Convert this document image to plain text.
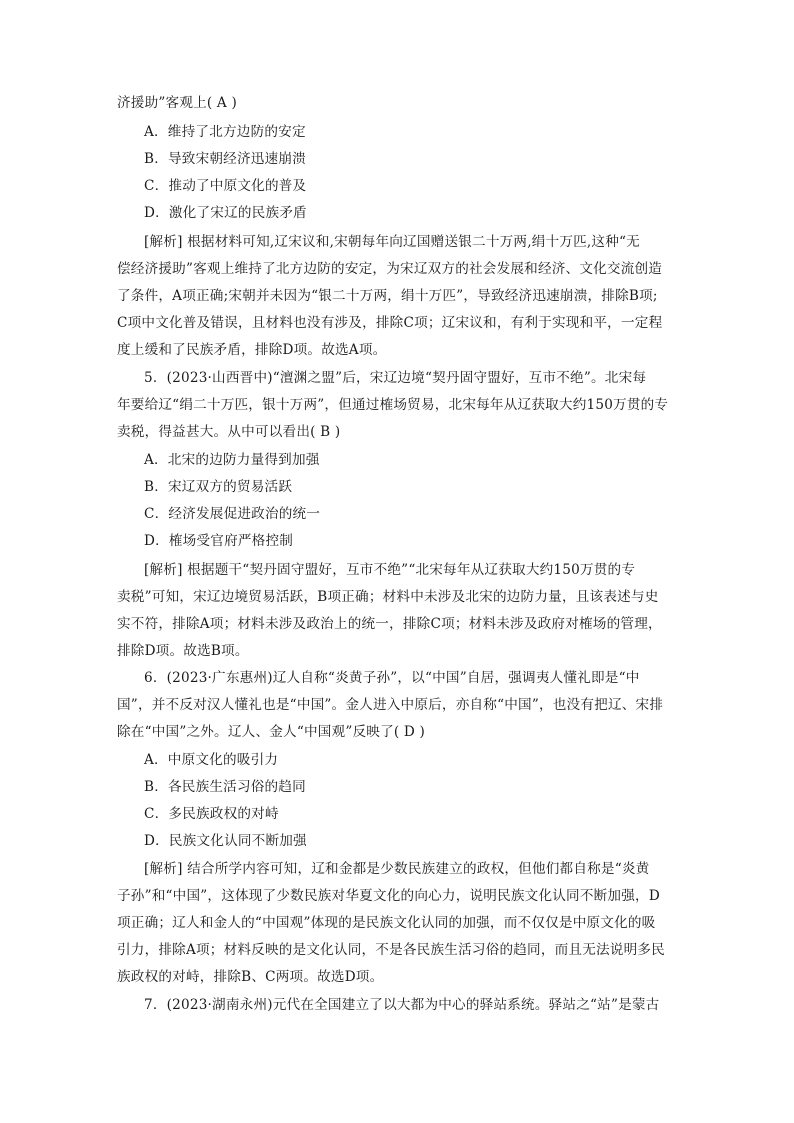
济援助”客观上( A )
A．维持了北方边防的安定
B．导致宋朝经济迅速崩溃
C．推动了中原文化的普及
D．激化了宋辽的民族矛盾
[解析] 根据材料可知,辽宋议和,宋朝每年向辽国赠送银二十万两,绢十万匹,这种“无
偿经济援助”客观上维持了北方边防的安定，为宋辽双方的社会发展和经济、文化交流创造
了条件，A项正确;宋朝并未因为“银二十万两，绢十万匹”，导致经济迅速崩溃，排除B项;
C项中文化普及错误，且材料也没有涉及，排除C项；辽宋议和，有利于实现和平，一定程
度上缓和了民族矛盾，排除D项。故选A项。
5．(2023·山西晋中)“澶渊之盟”后，宋辽边境“契丹固守盟好，互市不绝”。北宋每
年要给辽“绢二十万匹，银十万两”，但通过榷场贸易，北宋每年从辽获取大约150万贯的专
卖税，得益甚大。从中可以看出( B )
A．北宋的边防力量得到加强
B．宋辽双方的贸易活跃
C．经济发展促进政治的统一
D．榷场受官府严格控制
[解析] 根据题干“契丹固守盟好，互市不绝”“北宋每年从辽获取大约150万贯的专
卖税”可知，宋辽边境贸易活跃，B项正确；材料中未涉及北宋的边防力量，且该表述与史
实不符，排除A项；材料未涉及政治上的统一，排除C项；材料未涉及政府对榷场的管理，
排除D项。故选B项。
6．(2023·广东惠州)辽人自称“炎黄子孙”，以“中国”自居，强调夷人懂礼即是“中
国”，并不反对汉人懂礼也是“中国”。金人进入中原后，亦自称“中国”，也没有把辽、宋排
除在“中国”之外。辽人、金人“中国观”反映了( D )
A．中原文化的吸引力
B．各民族生活习俗的趋同
C．多民族政权的对峙
D．民族文化认同不断加强
[解析] 结合所学内容可知，辽和金都是少数民族建立的政权，但他们都自称是“炎黄
子孙”和“中国”，这体现了少数民族对华夏文化的向心力，说明民族文化认同不断加强，D
项正确；辽人和金人的“中国观”体现的是民族文化认同的加强，而不仅仅是中原文化的吸
引力，排除A项；材料反映的是文化认同，不是各民族生活习俗的趋同，而且无法说明多民
族政权的对峙，排除B、C两项。故选D项。
7．(2023·湖南永州)元代在全国建立了以大都为中心的驿站系统。驿站之“站”是蒙古
